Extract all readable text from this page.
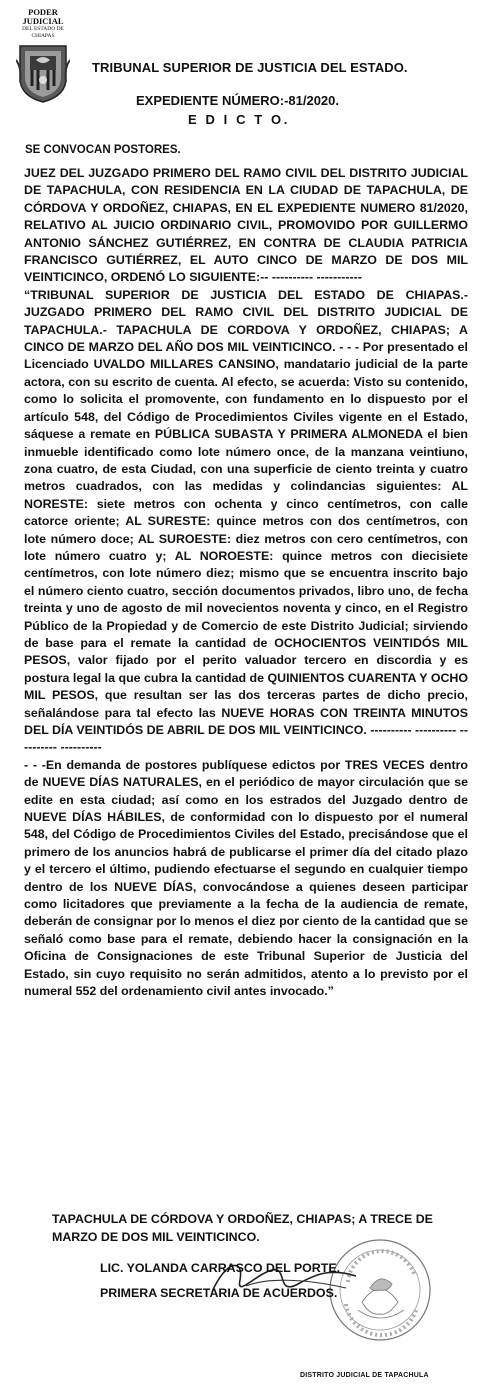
PODER JUDICIAL
DEL ESTADO DE CHIAPAS
TRIBUNAL SUPERIOR DE JUSTICIA DEL ESTADO.
EXPEDIENTE NÚMERO:-81/2020.
E D I C T O.
SE CONVOCAN POSTORES.

JUEZ DEL JUZGADO PRIMERO DEL RAMO CIVIL DEL DISTRITO JUDICIAL DE TAPACHULA, CON RESIDENCIA EN LA CIUDAD DE TAPACHULA, DE CÓRDOVA Y ORDOÑEZ, CHIAPAS, EN EL EXPEDIENTE NUMERO 81/2020, RELATIVO AL JUICIO ORDINARIO CIVIL, PROMOVIDO POR GUILLERMO ANTONIO SÁNCHEZ GUTIÉRREZ, EN CONTRA DE CLAUDIA PATRICIA FRANCISCO GUTIÉRREZ, EL AUTO CINCO DE MARZO DE DOS MIL VEINTICINCO, ORDENÓ LO SIGUIENTE:-- ---------- -----------

“TRIBUNAL SUPERIOR DE JUSTICIA DEL ESTADO DE CHIAPAS.- JUZGADO PRIMERO DEL RAMO CIVIL DEL DISTRITO JUDICIAL DE TAPACHULA.- TAPACHULA DE CORDOVA Y ORDOÑEZ, CHIAPAS; A CINCO DE MARZO DEL AÑO DOS MIL VEINTICINCO. - - - Por presentado el Licenciado UVALDO MILLARES CANSINO, mandatario judicial de la parte actora, con su escrito de cuenta. Al efecto, se acuerda: Visto su contenido, como lo solicita el promovente, con fundamento en lo dispuesto por el artículo 548, del Código de Procedimientos Civiles vigente en el Estado, sáquese a remate en PÚBLICA SUBASTA Y PRIMERA ALMONEDA el bien inmueble identificado como lote número once, de la manzana veintiuno, zona cuatro, de esta Ciudad, con una superficie de ciento treinta y cuatro metros cuadrados, con las medidas y colindancias siguientes: AL NORESTE: siete metros con ochenta y cinco centímetros, con calle catorce oriente; AL SURESTE: quince metros con dos centímetros, con lote número doce; AL SUROESTE: diez metros con cero centímetros, con lote número cuatro y; AL NOROESTE: quince metros con diecisiete centímetros, con lote número diez; mismo que se encuentra inscrito bajo el número ciento cuatro, sección documentos privados, libro uno, de fecha treinta y uno de agosto de mil novecientos noventa y cinco, en el Registro Público de la Propiedad y de Comercio de este Distrito Judicial; sirviendo de base para el remate la cantidad de OCHOCIENTOS VEINTIDÓS MIL PESOS, valor fijado por el perito valuador tercero en discordia y es postura legal la que cubra la cantidad de QUINIENTOS CUARENTA Y OCHO MIL PESOS, que resultan ser las dos terceras partes de dicho precio, señalándose para tal efecto las NUEVE HORAS CON TREINTA MINUTOS DEL DÍA VEINTIDÓS DE ABRIL DE DOS MIL VEINTICINCO. ---------- ---------- ---------- ----------

- - -En demanda de postores publíquese edictos por TRES VECES dentro de NUEVE DÍAS NATURALES, en el periódico de mayor circulación que se edite en esta ciudad; así como en los estrados del Juzgado dentro de NUEVE DÍAS HÁBILES, de conformidad con lo dispuesto por el numeral 548, del Código de Procedimientos Civiles del Estado, precisándose que el primero de los anuncios habrá de publicarse el primer día del citado plazo y el tercero el último, pudiendo efectuarse el segundo en cualquier tiempo dentro de los NUEVE DÍAS, convocándose a quienes deseen participar como licitadores que previamente a la fecha de la audiencia de remate, deberán de consignar por lo menos el diez por ciento de la cantidad que se señaló como base para el remate, debiendo hacer la consignación en la Oficina de Consignaciones de este Tribunal Superior de Justicia del Estado, sin cuyo requisito no serán admitidos, atento a lo previsto por el numeral 552 del ordenamiento civil antes invocado.”

TAPACHULA DE CÓRDOVA Y ORDOÑEZ, CHIAPAS; A TRECE DE MARZO DE DOS MIL VEINTICINCO.
LIC. YOLANDA CARRASCO DEL PORTE.
PRIMERA SECRETARIA DE ACUERDOS.
DISTRITO JUDICIAL DE TAPACHULA
